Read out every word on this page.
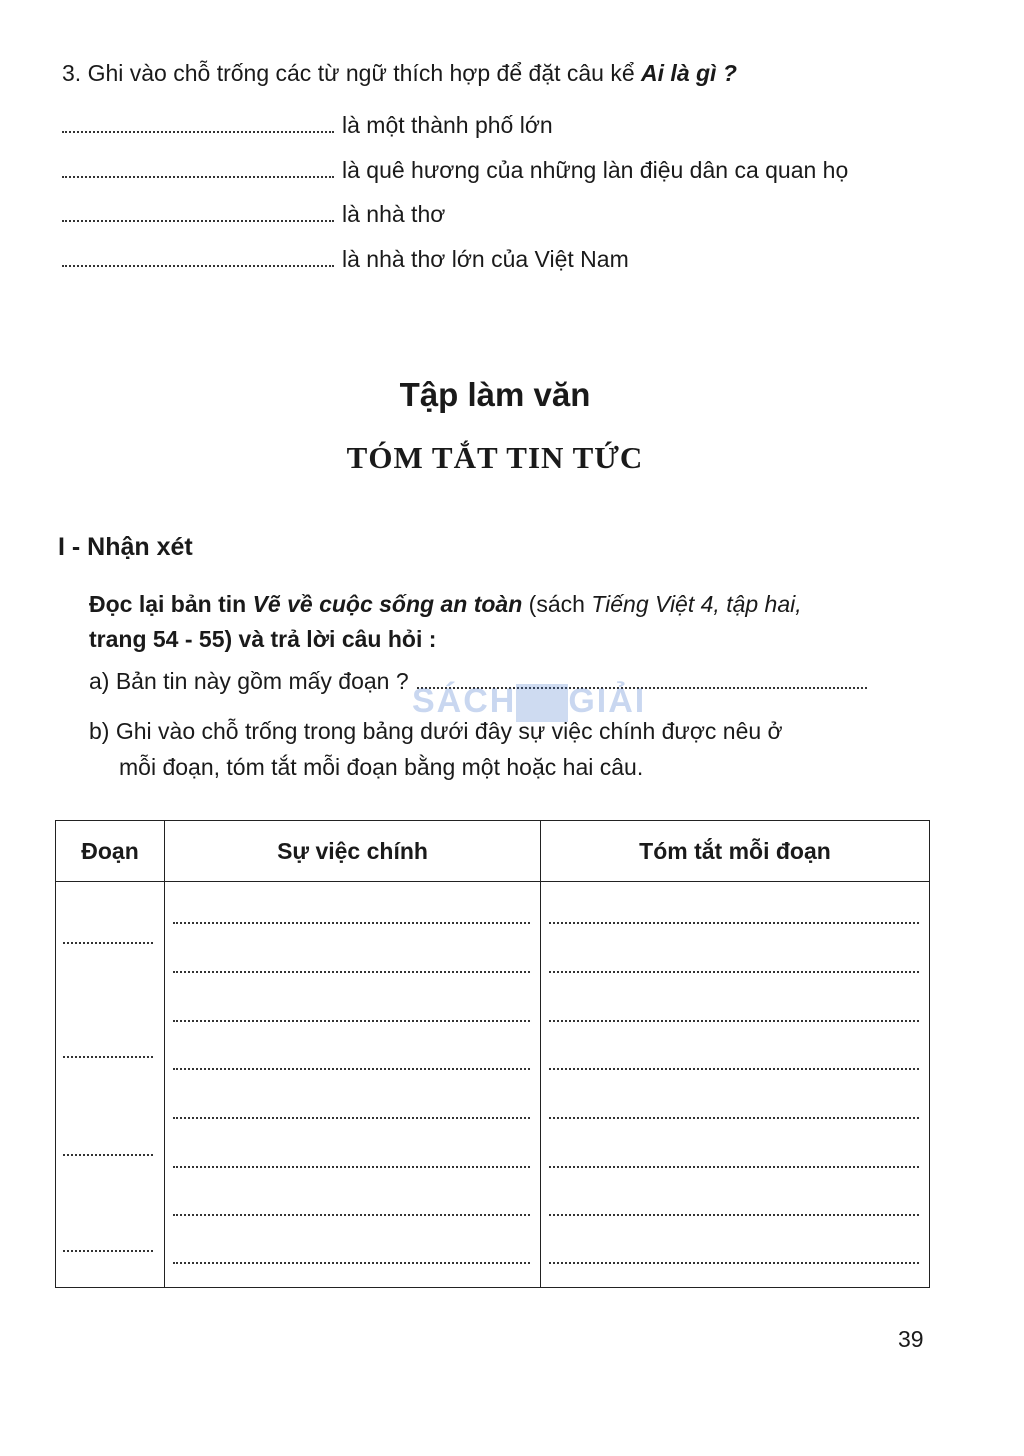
3. Ghi vào chỗ trống các từ ngữ thích hợp để đặt câu kể Ai là gì ?
là một thành phố lớn
là quê hương của những làn điệu dân ca quan họ
là nhà thơ
là nhà thơ lớn của Việt Nam
Tập làm văn
TÓM TẮT TIN TỨC
I - Nhận xét
Đọc lại bản tin Vẽ về cuộc sống an toàn (sách Tiếng Việt 4, tập hai,
trang 54 - 55) và trả lời câu hỏi :
a) Bản tin này gồm mấy đoạn ?
b) Ghi vào chỗ trống trong bảng dưới đây sự việc chính được nêu ở
mỗi đoạn, tóm tắt mỗi đoạn bằng một hoặc hai câu.
SÁCH GIẢI
Đoạn	Sự việc chính	Tóm tắt mỗi đoạn

39
